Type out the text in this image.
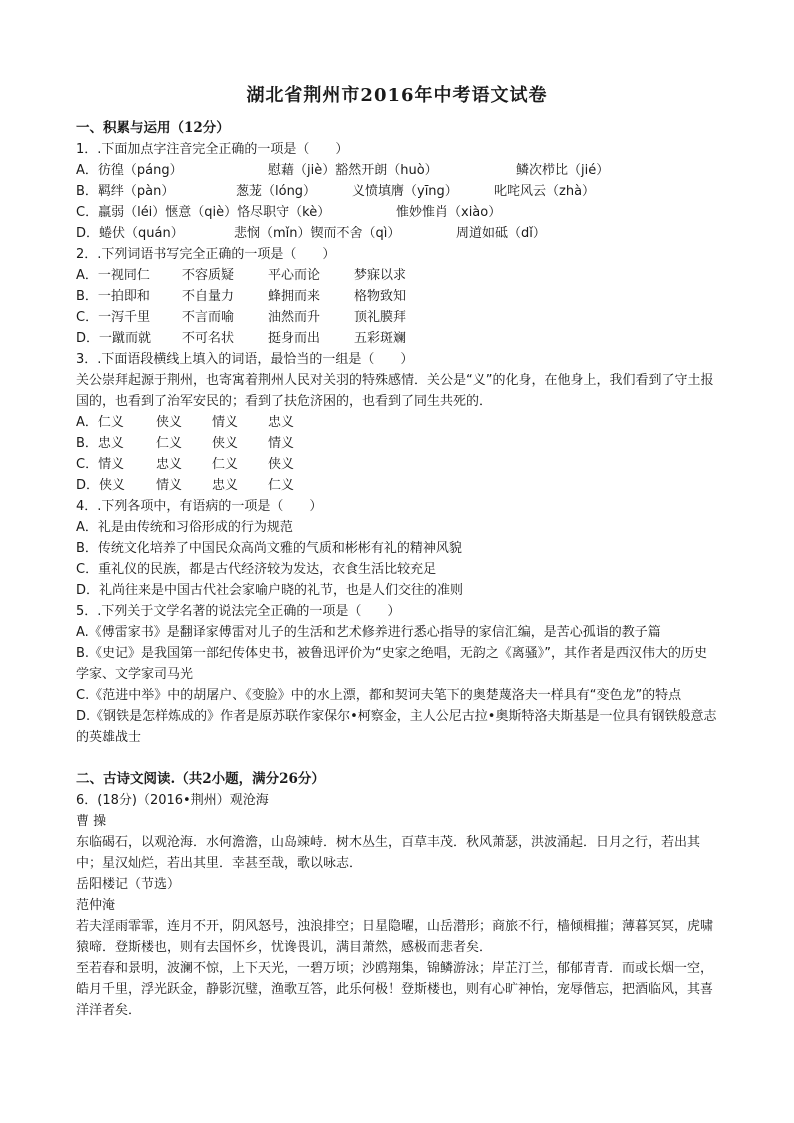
湖北省荆州市2016年中考语文试卷
一、积累与运用（12分）
1．.下面加点字注音完全正确的一项是（　　）
A．彷徨（páng）	慰藉（jiè）豁然开朗（huò）	鳞次栉比（jié）
B．羁绊（pàn）	葱茏（lóng）	义愤填膺（yīng）	叱咤风云（zhà）
C．羸弱（léi）惬意（qiè）恪尽职守（kè）	惟妙惟肖（xiào）
D．蜷伏（quán）	悲悯（mǐn）锲而不舍（qì）	周道如砥（dǐ）
2．.下列词语书写完全正确的一项是（　　）
A．一视同仁 不容质疑	平心而论	梦寐以求
B．一拍即和 不自量力	蜂拥而来	格物致知
C．一泻千里 不言而喻	油然而升	顶礼膜拜
D．一蹴而就 不可名状	挺身而出	五彩斑斓
3．.下面语段横线上填入的词语，最恰当的一组是（　　）
关公崇拜起源于荆州，也寄寓着荆州人民对关羽的特殊感情．关公是“义”的化身，在他身上，我们看到了守土报国的，也看到了治军安民的；看到了扶危济困的，也看到了同生共死的．
A．仁义 侠义 情义 忠义
B．忠义 仁义 侠义 情义
C．情义 忠义 仁义 侠义
D．侠义 情义 忠义 仁义
4．.下列各项中，有语病的一项是（　　）
A．礼是由传统和习俗形成的行为规范
B．传统文化培养了中国民众高尚文雅的气质和彬彬有礼的精神风貌
C．重礼仪的民族，都是古代经济较为发达，衣食生活比较充足
D．礼尚往来是中国古代社会家喻户晓的礼节，也是人们交往的准则
5．.下列关于文学名著的说法完全正确的一项是（　　）
A.《傅雷家书》是翻译家傅雷对儿子的生活和艺术修养进行悉心指导的家信汇编，是苦心孤诣的教子篇
B.《史记》是我国第一部纪传体史书，被鲁迅评价为“史家之绝唱，无韵之《离骚》”，其作者是西汉伟大的历史学家、文学家司马光
C.《范进中举》中的胡屠户、《变脸》中的水上漂，都和契诃夫笔下的奥楚蔑洛夫一样具有“变色龙”的特点
D.《钢铁是怎样炼成的》作者是原苏联作家保尔•柯察金，主人公尼古拉•奥斯特洛夫斯基是一位具有钢铁般意志的英雄战士
二、古诗文阅读.（共2小题，满分26分）
6．(18分)（2016•荆州）观沧海
曹 操
东临碣石，以观沧海．水何澹澹，山岛竦峙．树木丛生，百草丰茂．秋风萧瑟，洪波涌起．日月之行，若出其中；星汉灿烂，若出其里．幸甚至哉，歌以咏志．
岳阳楼记（节选）
范仲淹
若夫淫雨霏霏，连月不开，阴风怒号，浊浪排空；日星隐曜，山岳潜形；商旅不行，樯倾楫摧；薄暮冥冥，虎啸猿啼．登斯楼也，则有去国怀乡，忧谗畏讥，满目萧然，感极而悲者矣．
至若春和景明，波澜不惊，上下天光，一碧万顷；沙鸥翔集，锦鳞游泳；岸芷汀兰，郁郁青青．而或长烟一空，皓月千里，浮光跃金，静影沉璧，渔歌互答，此乐何极！登斯楼也，则有心旷神怡，宠辱偕忘，把酒临风，其喜洋洋者矣．
